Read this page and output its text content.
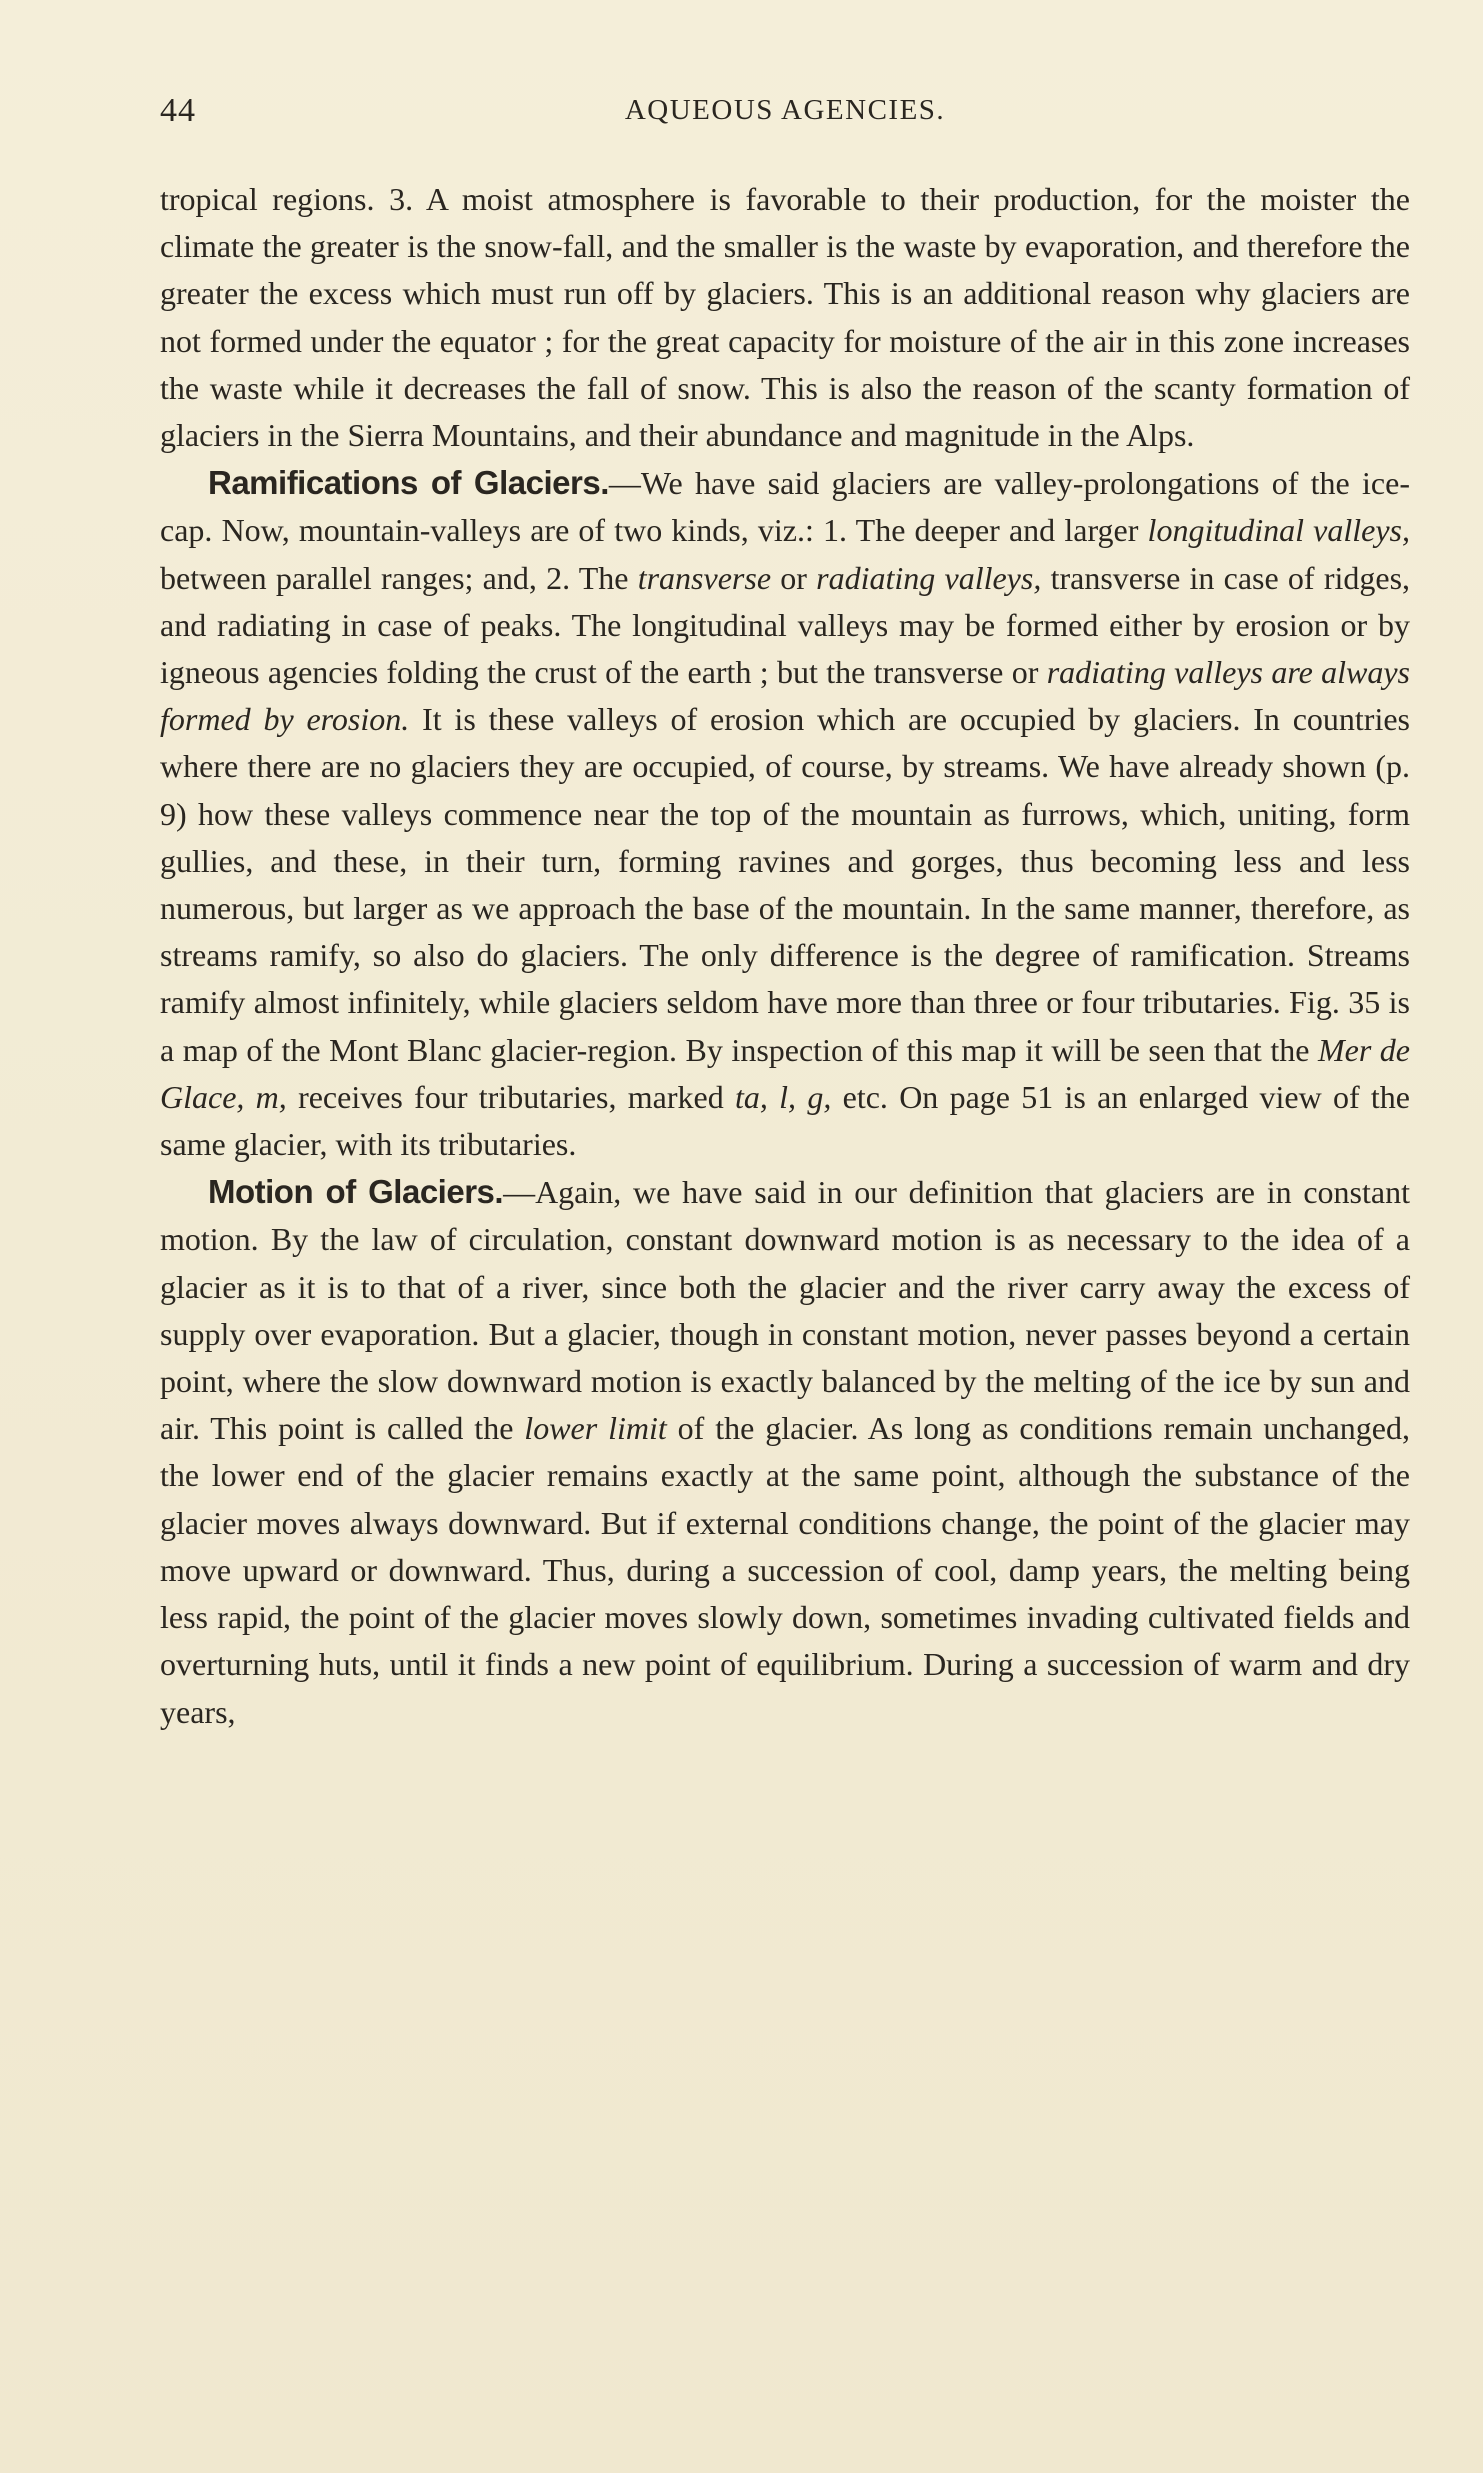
44	AQUEOUS AGENCIES.

tropical regions. 3. A moist atmosphere is favorable to their production, for the moister the climate the greater is the snow-fall, and the smaller is the waste by evaporation, and therefore the greater the excess which must run off by glaciers. This is an additional reason why glaciers are not formed under the equator ; for the great capacity for moisture of the air in this zone increases the waste while it decreases the fall of snow. This is also the reason of the scanty formation of glaciers in the Sierra Mountains, and their abundance and magnitude in the Alps.

Ramifications of Glaciers.—We have said glaciers are valley-prolongations of the ice-cap. Now, mountain-valleys are of two kinds, viz.: 1. The deeper and larger longitudinal valleys, between parallel ranges; and, 2. The transverse or radiating valleys, transverse in case of ridges, and radiating in case of peaks. The longitudinal valleys may be formed either by erosion or by igneous agencies folding the crust of the earth ; but the transverse or radiating valleys are always formed by erosion. It is these valleys of erosion which are occupied by glaciers. In countries where there are no glaciers they are occupied, of course, by streams. We have already shown (p. 9) how these valleys commence near the top of the mountain as furrows, which, uniting, form gullies, and these, in their turn, forming ravines and gorges, thus becoming less and less numerous, but larger as we approach the base of the mountain. In the same manner, therefore, as streams ramify, so also do glaciers. The only difference is the degree of ramification. Streams ramify almost infinitely, while glaciers seldom have more than three or four tributaries. Fig. 35 is a map of the Mont Blanc glacier-region. By inspection of this map it will be seen that the Mer de Glace, m, receives four tributaries, marked ta, l, g, etc. On page 51 is an enlarged view of the same glacier, with its tributaries.

Motion of Glaciers.—Again, we have said in our definition that glaciers are in constant motion. By the law of circulation, constant downward motion is as necessary to the idea of a glacier as it is to that of a river, since both the glacier and the river carry away the excess of supply over evaporation. But a glacier, though in constant motion, never passes beyond a certain point, where the slow downward motion is exactly balanced by the melting of the ice by sun and air. This point is called the lower limit of the glacier. As long as conditions remain unchanged, the lower end of the glacier remains exactly at the same point, although the substance of the glacier moves always downward. But if external conditions change, the point of the glacier may move upward or downward. Thus, during a succession of cool, damp years, the melting being less rapid, the point of the glacier moves slowly down, sometimes invading cultivated fields and overturning huts, until it finds a new point of equilibrium. During a succession of warm and dry years,
